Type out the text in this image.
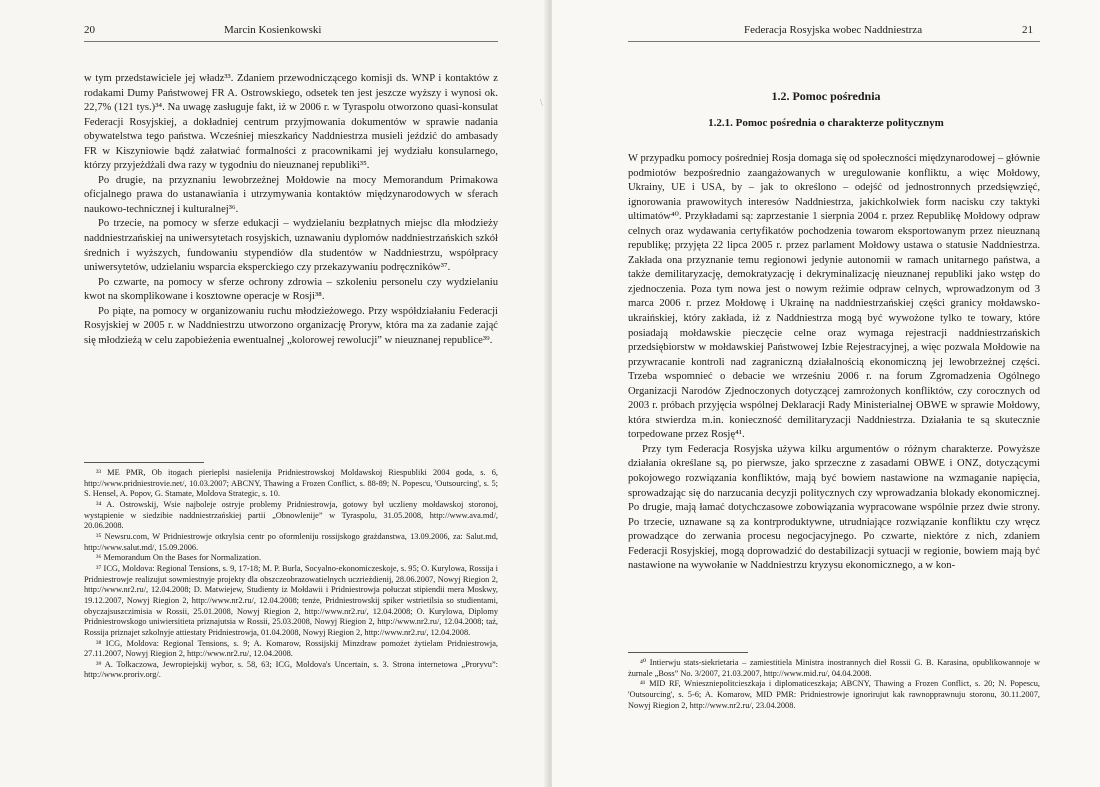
20	Marcin Kosienkowski

w tym przedstawiciele jej władz³³. Zdaniem przewodniczącego komisji ds. WNP i kontaktów z rodakami Dumy Państwowej FR A. Ostrowskiego, odsetek ten jest jeszcze wyższy i wynosi ok. 22,7% (121 tys.)³⁴. Na uwagę zasługuje fakt, iż w 2006 r. w Tyraspolu otworzono quasi-konsulat Federacji Rosyjskiej, a dokładniej centrum przyjmowania dokumentów w sprawie nadania obywatelstwa tego państwa. Wcześniej mieszkańcy Naddniestrza musieli jeździć do ambasady FR w Kiszyniowie bądź załatwiać formalności z pracownikami jej wydziału konsularnego, którzy przyjeżdżali dwa razy w tygodniu do nieuznanej republiki³⁵.

Po drugie, na przyznaniu lewobrzeżnej Mołdowie na mocy Memorandum Primakowa oficjalnego prawa do ustanawiania i utrzymywania kontaktów międzynarodowych w sferach naukowo-technicznej i kulturalnej³⁶.

Po trzecie, na pomocy w sferze edukacji – wydzielaniu bezpłatnych miejsc dla młodzieży naddniestrzańskiej na uniwersytetach rosyjskich, uznawaniu dyplomów naddniestrzańskich szkół średnich i wyższych, fundowaniu stypendiów dla studentów w Naddniestrzu, współpracy uniwersytetów, udzielaniu wsparcia eksperckiego czy przekazywaniu podręczników³⁷.

Po czwarte, na pomocy w sferze ochrony zdrowia – szkoleniu personelu czy wydzielaniu kwot na skomplikowane i kosztowne operacje w Rosji³⁸.

Po piąte, na pomocy w organizowaniu ruchu młodzieżowego. Przy współdziałaniu Federacji Rosyjskiej w 2005 r. w Naddniestrzu utworzono organizację Proryw, która ma za zadanie zająć się młodzieżą w celu zapobieżenia ewentualnej „kolorowej rewolucji” w nieuznanej republice³⁹.

³³ ME PMR, Ob itogach pierieplsi nasielenija Pridniestrowskoj Moldawskoj Riespubliki 2004 goda, s. 6, http://www.pridniestrovie.net/, 10.03.2007; ABCNY, Thawing a Frozen Conflict, s. 88-89; N. Popescu, 'Outsourcing', s. 5; S. Hensel, A. Popov, G. Stamate, Moldova Strategic, s. 10.

³⁴ A. Ostrowskij, Wsie najboleje ostryje problemy Pridniestrowja, gotowy był uczlieny mołdawskoj storonoj, wystąpienie w siedzibie naddniestrzańskiej partii „Obnowlenije” w Tyraspolu, 31.05.2008, http://www.ava.md/, 20.06.2008.

³⁵ Newsru.com, W Pridniestrowje otkrylsia centr po oformleniju rossijskogo grażdanstwa, 13.09.2006, za: Salut.md, http://www.salut.md/, 15.09.2006.

³⁶ Memorandum On the Bases for Normalization.

³⁷ ICG, Moldova: Regional Tensions, s. 9, 17-18; M. P. Burla, Socyalno-ekonomiczeskoje, s. 95; O. Kurylowa, Rossija i Pridniestrowje realizujut sowmiestnyje projekty dla obszczeobrazowatielnych uczrieżdienij, 28.06.2007, Nowyj Riegion 2, http://www.nr2.ru/, 12.04.2008; D. Matwiejew, Studienty iz Mołdawii i Pridniestrowja połuczat stipiendii mera Moskwy, 19.12.2007, Nowyj Riegion 2, http://www.nr2.ru/, 12.04.2008; tenże, Pridniestrowskij spiker wstrietilsia so studientami, obyczajsuszczimisia w Rossii, 25.01.2008, Nowyj Riegion 2, http://www.nr2.ru/, 12.04.2008; O. Kurylowa, Diplomy Pridniestrowskogo uniwiersitieta priznajutsia w Rossii, 25.03.2008, Nowyj Riegion 2, http://www.nr2.ru/, 12.04.2008; taż, Rossija priznajet szkolnyje attiestaty Pridniestrowja, 01.04.2008, Nowyj Riegion 2, http://www.nr2.ru/, 12.04.2008.

³⁸ ICG, Moldova: Regional Tensions, s. 9; A. Komarow, Rossijskij Minzdraw pomożet żytielam Pridniestrowja, 27.11.2007, Nowyj Riegion 2, http://www.nr2.ru/, 12.04.2008.

³⁹ A. Tołkaczowa, Jewropiejskij wybor, s. 58, 63; ICG, Moldova's Uncertain, s. 3. Strona internetowa „Proryvu”: http://www.proriv.org/.

\
Federacja Rosyjska wobec Naddniestrza	21
1.2. Pomoc pośrednia
1.2.1. Pomoc pośrednia o charakterze politycznym

W przypadku pomocy pośredniej Rosja domaga się od społeczności międzynarodowej – głównie podmiotów bezpośrednio zaangażowanych w uregulowanie konfliktu, a więc Mołdowy, Ukrainy, UE i USA, by – jak to określono – odejść od jednostronnych przedsięwzięć, ignorowania prawowitych interesów Naddniestrza, jakichkolwiek form nacisku czy taktyki ultimatów⁴⁰. Przykładami są: zaprzestanie 1 sierpnia 2004 r. przez Republikę Mołdowy odpraw celnych oraz wydawania certyfikatów pochodzenia towarom eksportowanym przez nieuznaną republikę; przyjęta 22 lipca 2005 r. przez parlament Mołdowy ustawa o statusie Naddniestrza. Zakłada ona przyznanie temu regionowi jedynie autonomii w ramach unitarnego państwa, a także demilitaryzację, demokratyzację i dekryminalizację nieuznanej republiki jako wstęp do zjednoczenia. Poza tym nowa jest o nowym reżimie odpraw celnych, wprowadzonym od 3 marca 2006 r. przez Mołdowę i Ukrainę na naddniestrzańskiej części granicy mołdawsko-ukraińskiej, który zakłada, iż z Naddniestrza mogą być wywożone tylko te towary, które posiadają mołdawskie pieczęcie celne oraz wymaga rejestracji naddniestrzańskich przedsiębiorstw w mołdawskiej Państwowej Izbie Rejestracyjnej, a więc pozwala Mołdowie na przywracanie kontroli nad zagraniczną działalnością ekonomiczną jej lewobrzeżnej części. Trzeba wspomnieć o debacie we wrześniu 2006 r. na forum Zgromadzenia Ogólnego Organizacji Narodów Zjednoczonych dotyczącej zamrożonych konfliktów, czy corocznych od 2003 r. próbach przyjęcia wspólnej Deklaracji Rady Ministerialnej OBWE w sprawie Mołdowy, która stwierdza m.in. konieczność demilitaryzacji Naddniestrza. Działania te są skutecznie torpedowane przez Rosję⁴¹.

Przy tym Federacja Rosyjska używa kilku argumentów o różnym charakterze. Powyższe działania określane są, po pierwsze, jako sprzeczne z zasadami OBWE i ONZ, dotyczącymi pokojowego rozwiązania konfliktów, mają być bowiem nastawione na wzmaganie napięcia, sprowadzając się do narzucania decyzji politycznych czy wprowadzania blokady ekonomicznej. Po drugie, mają łamać dotychczasowe zobowiązania wypracowane wspólnie przez dwie strony. Po trzecie, uznawane są za kontrproduktywne, utrudniające rozwiązanie konfliktu czy wręcz prowadzące do zerwania procesu negocjacyjnego. Po czwarte, niektóre z nich, zdaniem Federacji Rosyjskiej, mogą doprowadzić do destabilizacji sytuacji w regionie, bowiem mają być nastawione na wywołanie w Naddniestrzu kryzysu ekonomicznego, a w kon-

⁴⁰ Intierwju stats-siekrietaria – zamiestitiela Ministra inostrannych dieł Rossii G. B. Karasina, opublikowannoje w żurnale „Boss” No. 3/2007, 21.03.2007, http://www.mid.ru/, 04.04.2008.

⁴¹ MID RF, Wnieszniepolitcieszkaja i diplomaticeszkaja; ABCNY, Thawing a Frozen Conflict, s. 20; N. Popescu, 'Outsourcing', s. 5-6; A. Komarow, MID PMR: Pridniestrowje ignorirujut kak rawnopprawnuju storonu, 30.11.2007, Nowyj Riegion 2, http://www.nr2.ru/, 23.04.2008.
